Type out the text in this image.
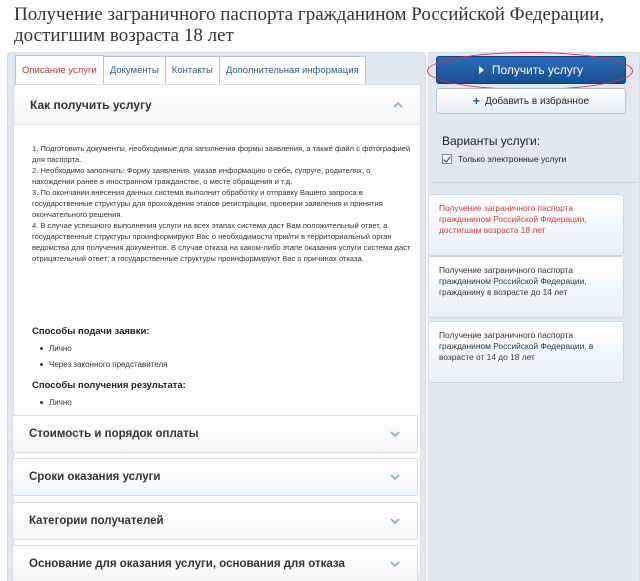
Получение заграничного паспорта гражданином Российской Федерации, достигшим возраста 18 лет
Описание услуги	Документы	Контакты	Дополнительная информация
Как получить услугу

1. Подготовить документы, необходимые для заполнения формы заявления, а также файл с фотографией для паспорта.

2. Необходимо заполнить: Форму заявления, указав информацию о себе, супруге, родителях, о нахождении ранее в иностранном гражданстве, о месте обращения и т.д.

3. По окончании внесения данных система выполнит обработку и отправку Вашего запроса в государственные структуры для прохождения этапов регистрации, проверки заявления и принятия окончательного решения.

4. В случае успешного выполнения услуги на всех этапах система даст Вам положительный ответ, а государственные структуры проинформируют Вас о необходимости прийти в территориальный орган ведомства для получения документов. В случае отказа на каком-либо этапе оказания услуги система даст отрицательный ответ; а государственные структуры проинформируют Вас о причинах отказа.

Способы подачи заявки:
Лично
Через законного представителя
Способы получения результата:
Лично
Стоимость и порядок оплаты
Сроки оказания услуги
Категории получателей
Основание для оказания услуги, основания для отказа
Получить услугу
+ Добавить в избранное
Варианты услуги:
Только электронные услуги
Получение заграничного паспорта гражданином Российской Федерации, достигшим возраста 18 лет
Получение заграничного паспорта гражданином Российской Федерации, гражданину в возрасте до 14 лет
Получение заграничного паспорта гражданином Российской Федерации, в возрасте от 14 до 18 лет
